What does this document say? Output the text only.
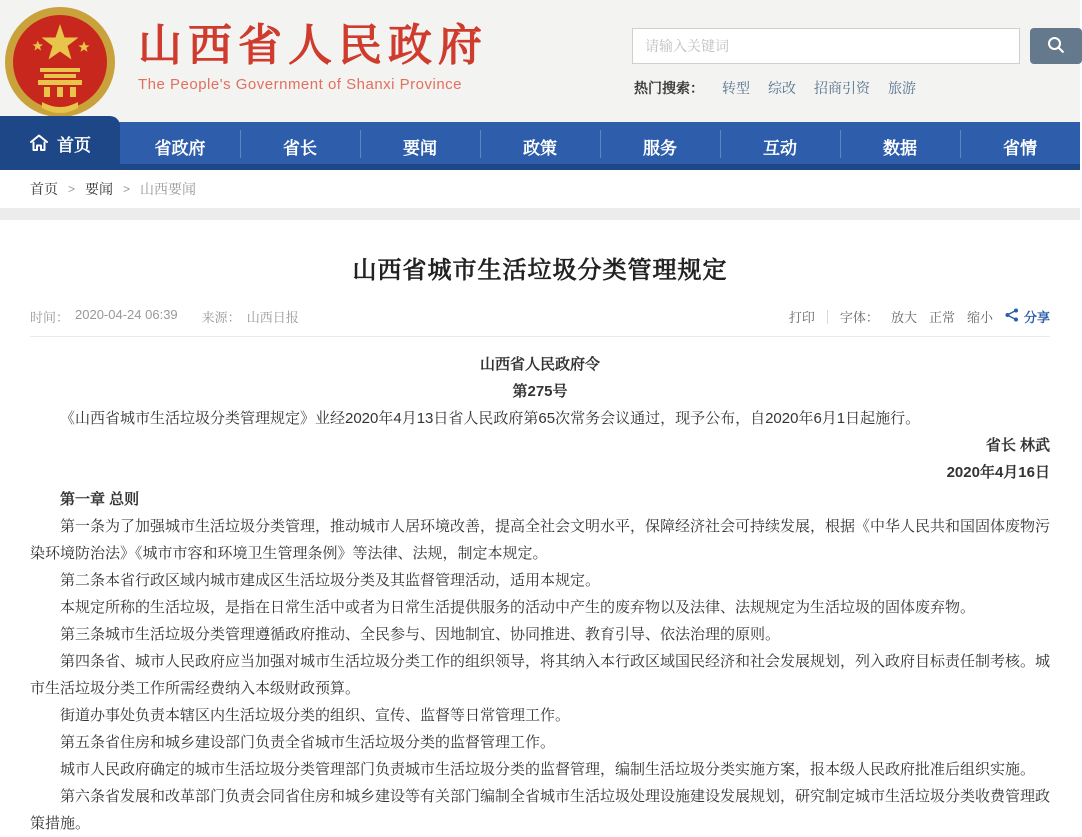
山西省人民政府
The People's Government of Shanxi Province
请输入关键词	热门搜索： 转型 综改 招商引资 旅游
首页	省政府	省长	要闻	政策	服务	互动	数据	省情
首页 > 要闻 > 山西要闻
山西省城市生活垃圾分类管理规定
时间： 2020-04-24 06:39 来源： 山西日报	打印 字体： 放大 正常 缩小 分享

山西省人民政府令

第275号

《山西省城市生活垃圾分类管理规定》业经2020年4月13日省人民政府第65次常务会议通过，现予公布，自2020年6月1日起施行。

省长 林武

2020年4月16日

第一章 总则

第一条为了加强城市生活垃圾分类管理，推动城市人居环境改善，提高全社会文明水平，保障经济社会可持续发展，根据《中华人民共和国固体废物污染环境防治法》《城市市容和环境卫生管理条例》等法律、法规，制定本规定。

第二条本省行政区域内城市建成区生活垃圾分类及其监督管理活动，适用本规定。

本规定所称的生活垃圾，是指在日常生活中或者为日常生活提供服务的活动中产生的废弃物以及法律、法规规定为生活垃圾的固体废弃物。

第三条城市生活垃圾分类管理遵循政府推动、全民参与、因地制宜、协同推进、教育引导、依法治理的原则。

第四条省、城市人民政府应当加强对城市生活垃圾分类工作的组织领导，将其纳入本行政区域国民经济和社会发展规划，列入政府目标责任制考核。城市生活垃圾分类工作所需经费纳入本级财政预算。

街道办事处负责本辖区内生活垃圾分类的组织、宣传、监督等日常管理工作。

第五条省住房和城乡建设部门负责全省城市生活垃圾分类的监督管理工作。

城市人民政府确定的城市生活垃圾分类管理部门负责城市生活垃圾分类的监督管理，编制生活垃圾分类实施方案，报本级人民政府批准后组织实施。

第六条省发展和改革部门负责会同省住房和城乡建设等有关部门编制全省城市生活垃圾处理设施建设发展规划，研究制定城市生活垃圾分类收费管理政策措施。
